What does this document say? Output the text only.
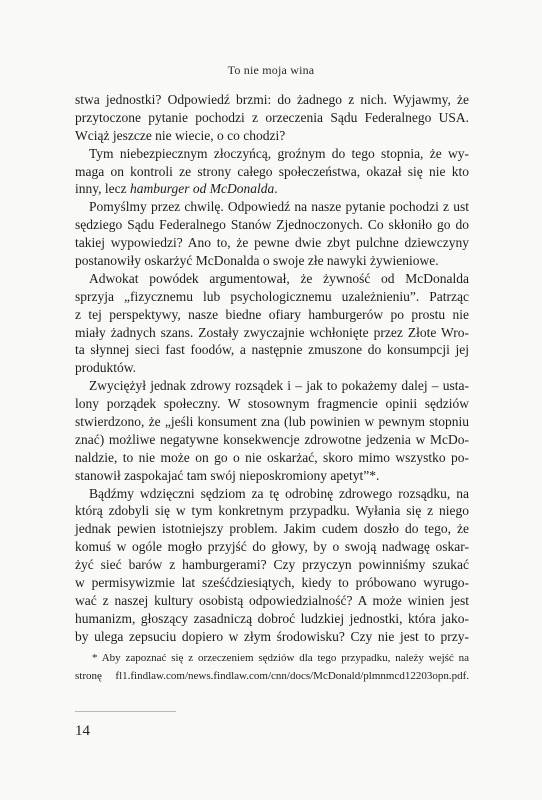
To nie moja wina
stwa jednostki? Odpowiedź brzmi: do żadnego z nich. Wyjawmy, że
przytoczone pytanie pochodzi z orzeczenia Sądu Federalnego USA.
Wciąż jeszcze nie wiecie, o co chodzi?
Tym niebezpiecznym złoczyńcą, groźnym do tego stopnia, że wy-
maga on kontroli ze strony całego społeczeństwa, okazał się nie kto
inny, lecz hamburger od McDonalda.
Pomyślmy przez chwilę. Odpowiedź na nasze pytanie pochodzi z ust
sędziego Sądu Federalnego Stanów Zjednoczonych. Co skłoniło go do
takiej wypowiedzi? Ano to, że pewne dwie zbyt pulchne dziewczyny
postanowiły oskarżyć McDonalda o swoje złe nawyki żywieniowe.
Adwokat powódek argumentował, że żywność od McDonalda
sprzyja „fizycznemu lub psychologicznemu uzależnieniu”. Patrząc
z tej perspektywy, nasze biedne ofiary hamburgerów po prostu nie
miały żadnych szans. Zostały zwyczajnie wchłonięte przez Złote Wro-
ta słynnej sieci fast foodów, a następnie zmuszone do konsumpcji jej
produktów.
Zwyciężył jednak zdrowy rozsądek i – jak to pokażemy dalej – usta-
lony porządek społeczny. W stosownym fragmencie opinii sędziów
stwierdzono, że „jeśli konsument zna (lub powinien w pewnym stopniu
znać) możliwe negatywne konsekwencje zdrowotne jedzenia w McDo-
naldzie, to nie może on go o nie oskarżać, skoro mimo wszystko po-
stanowił zaspokajać tam swój nieposkromiony apetyt”*.
Bądźmy wdzięczni sędziom za tę odrobinę zdrowego rozsądku, na
którą zdobyli się w tym konkretnym przypadku. Wyłania się z niego
jednak pewien istotniejszy problem. Jakim cudem doszło do tego, że
komuś w ogóle mogło przyjść do głowy, by o swoją nadwagę oskar-
żyć sieć barów z hamburgerami? Czy przyczyn powinniśmy szukać
w permisywizmie lat sześćdziesiątych, kiedy to próbowano wyrugo-
wać z naszej kultury osobistą odpowiedzialność? A może winien jest
humanizm, głoszący zasadniczą dobroć ludzkiej jednostki, która jako-
by ulega zepsuciu dopiero w złym środowisku? Czy nie jest to przy-
* Aby zapoznać się z orzeczeniem sędziów dla tego przypadku, należy wejść na
stronę fl1.findlaw.com/news.findlaw.com/cnn/docs/McDonald/plmnmcd12203opn.pdf.
14
